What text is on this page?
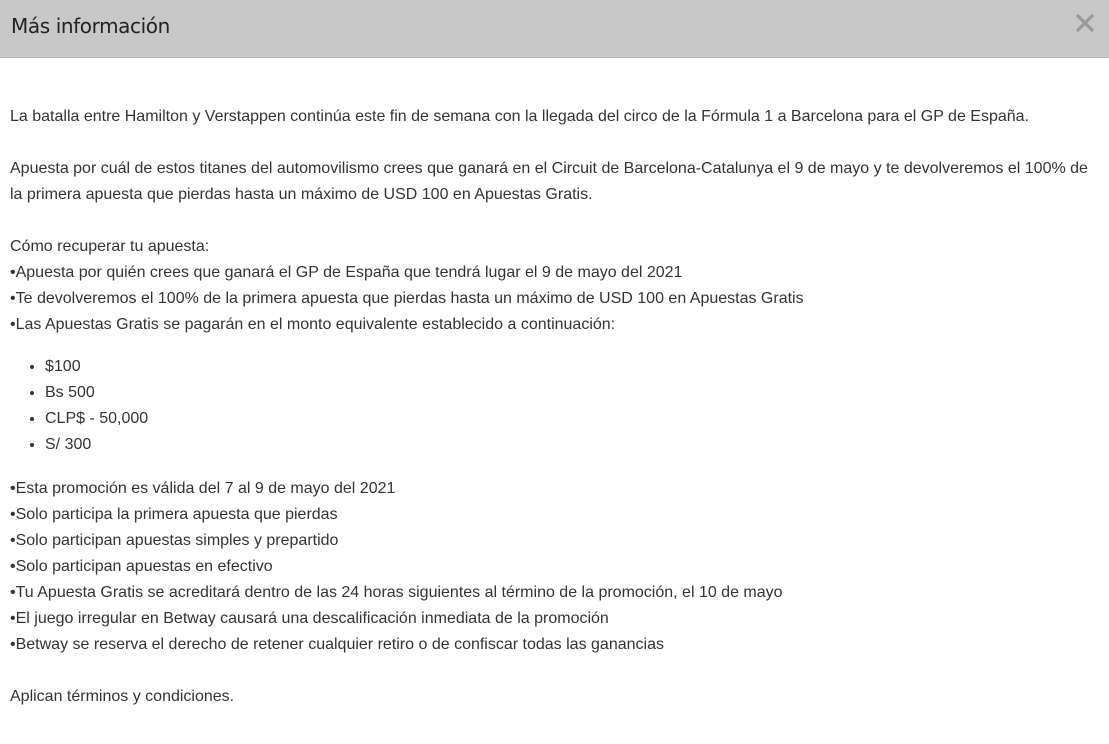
Más información

La batalla entre Hamilton y Verstappen continúa este fin de semana con la llegada del circo de la Fórmula 1 a Barcelona para el GP de España.

Apuesta por cuál de estos titanes del automovilismo crees que ganará en el Circuit de Barcelona-Catalunya el 9 de mayo y te devolveremos el 100% de la primera apuesta que pierdas hasta un máximo de USD 100 en Apuestas Gratis.

Cómo recuperar tu apuesta:
•Apuesta por quién crees que ganará el GP de España que tendrá lugar el 9 de mayo del 2021
•Te devolveremos el 100% de la primera apuesta que pierdas hasta un máximo de USD 100 en Apuestas Gratis
•Las Apuestas Gratis se pagarán en el monto equivalente establecido a continuación:
• $100
• Bs 500
• CLP$ - 50,000
• S/ 300
•Esta promoción es válida del 7 al 9 de mayo del 2021
•Solo participa la primera apuesta que pierdas
•Solo participan apuestas simples y prepartido
•Solo participan apuestas en efectivo
•Tu Apuesta Gratis se acreditará dentro de las 24 horas siguientes al término de la promoción, el 10 de mayo
•El juego irregular en Betway causará una descalificación inmediata de la promoción
•Betway se reserva el derecho de retener cualquier retiro o de confiscar todas las ganancias
Aplican términos y condiciones.
